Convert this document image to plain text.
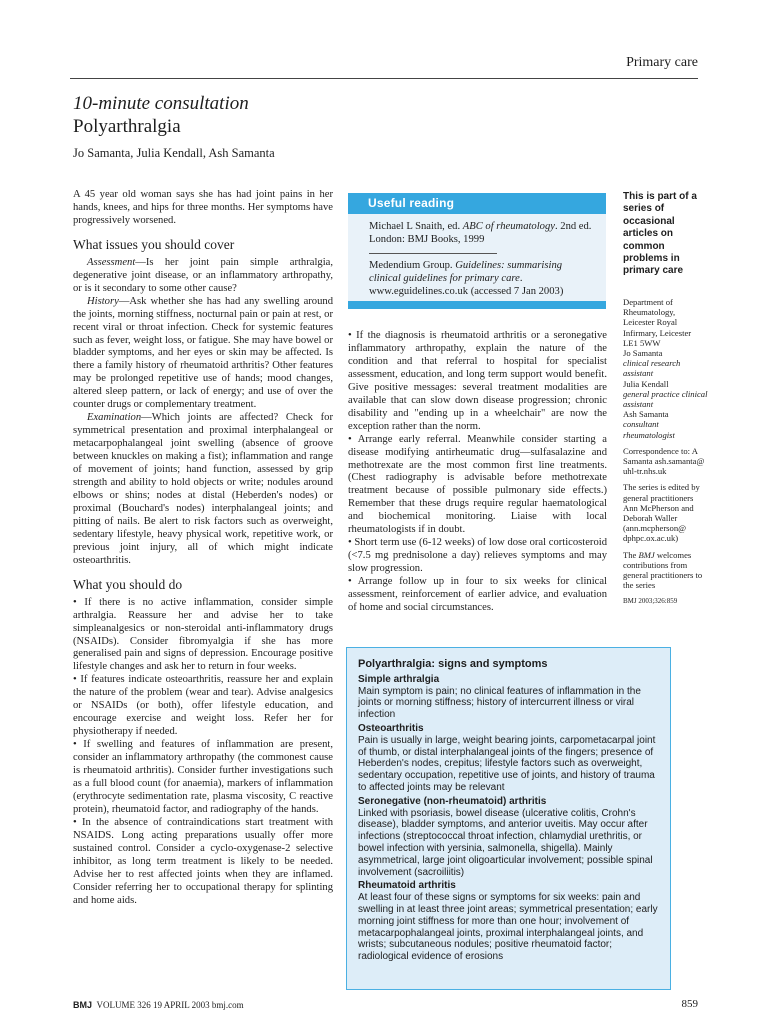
Primary care
10-minute consultation
Polyarthralgia
Jo Samanta, Julia Kendall, Ash Samanta

A 45 year old woman says she has had joint pains in her hands, knees, and hips for three months. Her symptoms have progressively worsened.

What issues you should cover

Assessment—Is her joint pain simple arthralgia, degenerative joint disease, or an inflammatory arthropathy, or is it secondary to some other cause?

History—Ask whether she has had any swelling around the joints, morning stiffness, nocturnal pain or pain at rest, or recent viral or throat infection. Check for systemic features such as fever, weight loss, or fatigue. She may have bowel or bladder symptoms, and her eyes or skin may be affected. Is there a family history of rheumatoid arthritis? Other features may be prolonged repetitive use of hands; mood changes, altered sleep pattern, or lack of energy; and use of over the counter drugs or complementary treatment.

Examination—Which joints are affected? Check for symmetrical presentation and proximal interphalangeal or metacarpophalangeal joint swelling (absence of groove between knuckles on making a fist); inflammation and range of movement of joints; hand function, assessed by grip strength and ability to hold objects or write; nodules around elbows or shins; nodes at distal (Heberden's nodes) or proximal (Bouchard's nodes) interphalangeal joints; and pitting of nails. Be alert to risk factors such as overweight, sedentary lifestyle, heavy physical work, repetitive work, or previous joint injury, all of which might indicate osteoarthritis.

What you should do

• If there is no active inflammation, consider simple arthralgia. Reassure her and advise her to take simpleanalgesics or non-steroidal anti-inflammatory drugs (NSAIDs). Consider fibromyalgia if she has more generalised pain and signs of depression. Encourage positive lifestyle changes and ask her to return in four weeks.

• If features indicate osteoarthritis, reassure her and explain the nature of the problem (wear and tear). Advise analgesics or NSAIDs (or both), offer lifestyle education, and encourage exercise and weight loss. Refer her for physiotherapy if needed.

• If swelling and features of inflammation are present, consider an inflammatory arthropathy (the commonest cause is rheumatoid arthritis). Consider further investigations such as a full blood count (for anaemia), markers of inflammation (erythrocyte sedimentation rate, plasma viscosity, C reactive protein), rheumatoid factor, and radiography of the hands.

• In the absence of contraindications start treatment with NSAIDS. Long acting preparations usually offer more sustained control. Consider a cyclo-oxygenase-2 selective inhibitor, as long term treatment is likely to be needed. Advise her to rest affected joints when they are inflamed. Consider referring her to occupational therapy for splinting and home aids.

Useful reading
Michael L Snaith, ed. ABC of rheumatology. 2nd ed.
London: BMJ Books, 1999
Medendium Group. Guidelines: summarising clinical guidelines for primary care. www.eguidelines.co.uk (accessed 7 Jan 2003)

• If the diagnosis is rheumatoid arthritis or a seronegative inflammatory arthropathy, explain the nature of the condition and that referral to hospital for specialist assessment, education, and long term support would benefit. Give positive messages: several treatment modalities are available that can slow down disease progression; chronic disability and "ending up in a wheelchair" are now the exception rather than the norm.

• Arrange early referral. Meanwhile consider starting a disease modifying antirheumatic drug—sulfasalazine and methotrexate are the most common first line treatments. (Chest radiography is advisable before methotrexate treatment because of possible pulmonary side effects.) Remember that these drugs require regular haematological and biochemical monitoring. Liaise with local rheumatologists if in doubt.

• Short term use (6-12 weeks) of low dose oral corticosteroid (<7.5 mg prednisolone a day) relieves symptoms and may slow progression.

• Arrange follow up in four to six weeks for clinical assessment, reinforcement of earlier advice, and evaluation of home and social circumstances.

This is part of a series of occasional articles on common problems in primary care

Department of Rheumatology, Leicester Royal Infirmary, Leicester LE1 5WW

Jo Samanta

clinical research assistant

Julia Kendall

general practice clinical assistant

Ash Samanta

consultant rheumatologist

Correspondence to: A Samanta ash.samanta@ uhl-tr.nhs.uk

The series is edited by general practitioners Ann McPherson and Deborah Waller (ann.mcpherson@ dphpc.ox.ac.uk)

The BMJ welcomes contributions from general practitioners to the series

BMJ 2003;326:859

Polyarthralgia: signs and symptoms

Simple arthralgia

Main symptom is pain; no clinical features of inflammation in the joints or morning stiffness; history of intercurrent illness or viral infection

Osteoarthritis

Pain is usually in large, weight bearing joints, carpometacarpal joint of thumb, or distal interphalangeal joints of the fingers; presence of Heberden's nodes, crepitus; lifestyle factors such as overweight, sedentary occupation, repetitive use of joints, and history of trauma to affected joints may be relevant

Seronegative (non-rheumatoid) arthritis

Linked with psoriasis, bowel disease (ulcerative colitis, Crohn's disease), bladder symptoms, and anterior uveitis. May occur after infections (streptococcal throat infection, chlamydial urethritis, or bowel infection with yersinia, salmonella, shigella). Mainly asymmetrical, large joint oligoarticular involvement; possible spinal involvement (sacroiliitis)

Rheumatoid arthritis

At least four of these signs or symptoms for six weeks: pain and swelling in at least three joint areas; symmetrical presentation; early morning joint stiffness for more than one hour; involvement of metacarpophalangeal joints, proximal interphalangeal joints, and wrists; subcutaneous nodules; positive rheumatoid factor; radiological evidence of erosions

BMJ VOLUME 326 19 APRIL 2003 bmj.com	859
